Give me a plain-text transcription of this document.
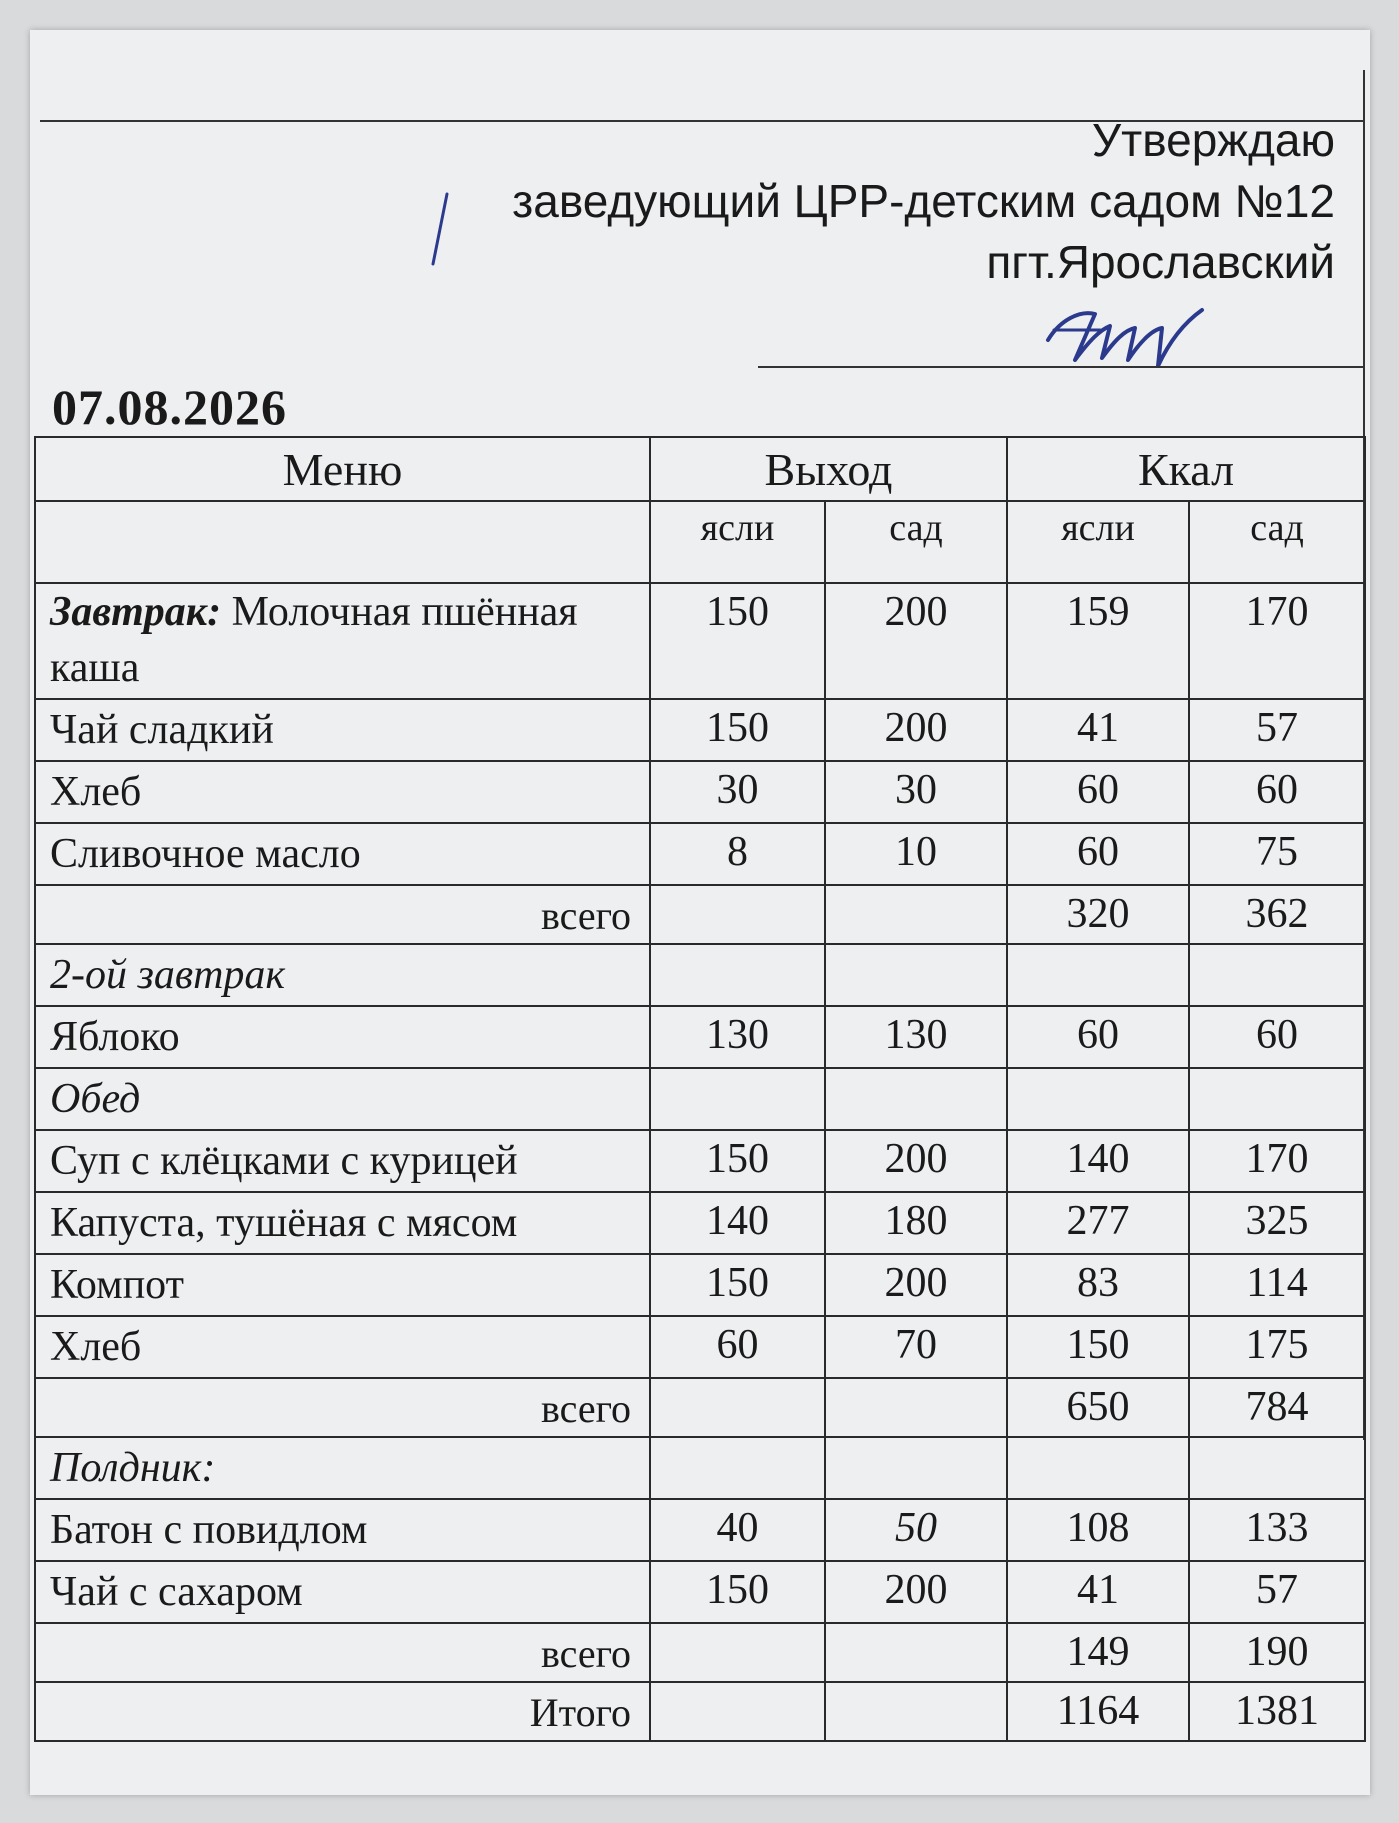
Утверждаю
заведующий ЦРР-детским садом №12
пгт.Ярославский
07.08.2026
Меню	Выход		Ккал	
	ясли	сад	ясли	сад
Завтрак: Молочная пшённая каша	150	200	159	170
Чай сладкий	150	200	41	57
Хлеб	30	30	60	60
Сливочное масло	8	10	60	75
всего			320	362
2-ой завтрак				
Яблоко	130	130	60	60
Обед				
Суп с клёцками с курицей	150	200	140	170
Капуста, тушёная с мясом	140	180	277	325
Компот	150	200	83	114
Хлеб	60	70	150	175
всего			650	784
Полдник:				
Батон с повидлом	40	50	108	133
Чай с сахаром	150	200	41	57
всего			149	190
Итого			1164	1381
